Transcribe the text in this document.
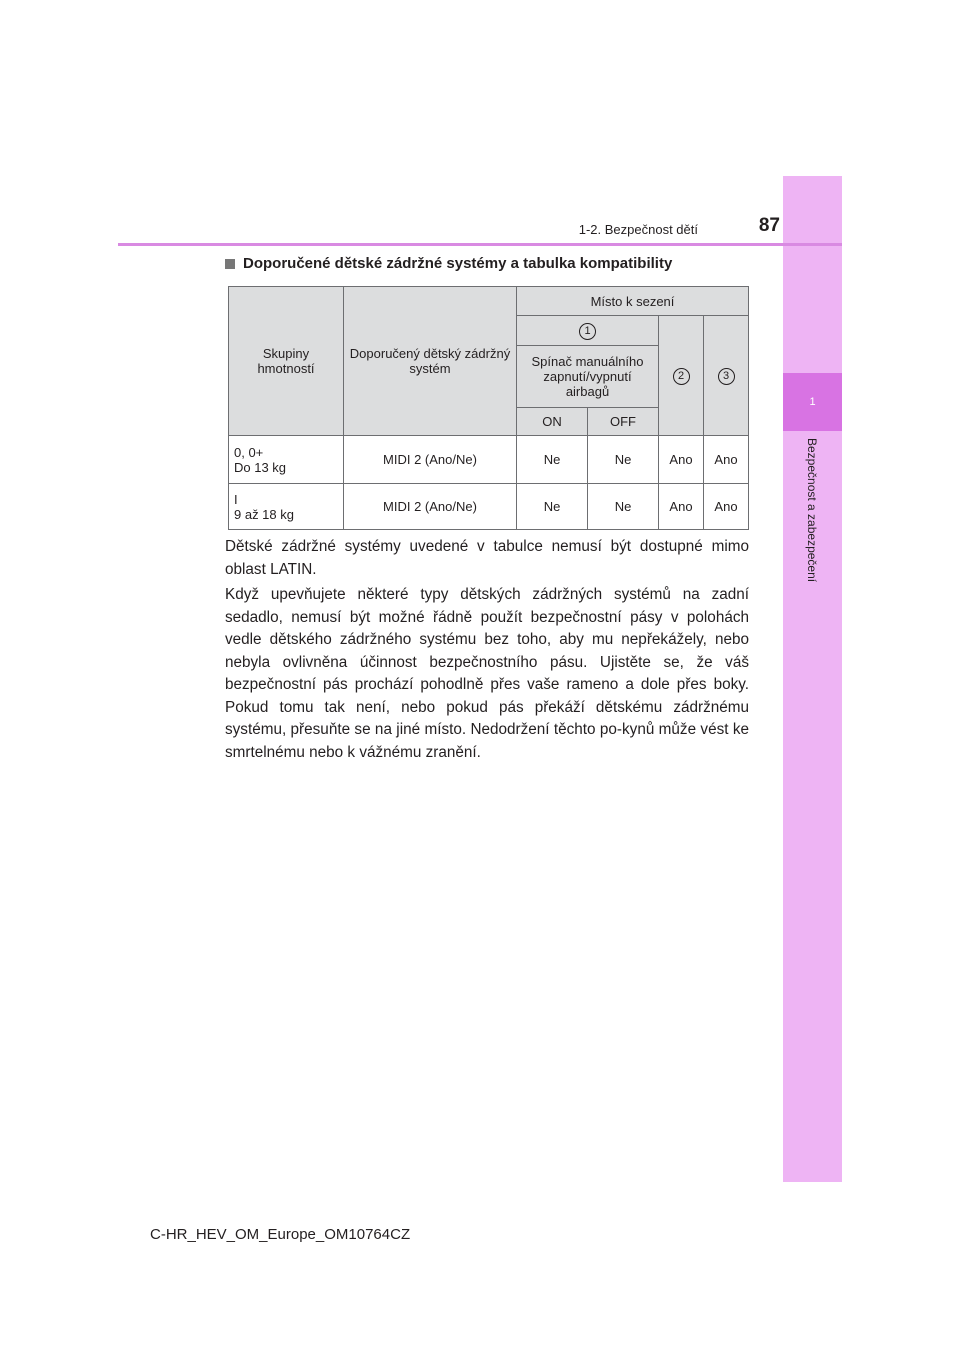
1
Bezpečnost a zabezpečení
1-2. Bezpečnost dětí	87
Doporučené dětské zádržné systémy a tabulka kompatibility
Skupiny hmotností	Doporučený dětský zádržný systém	Místo k sezení			
		1		2	3
		Spínač manuálního zapnutí/vypnutí airbagů			
		ON	OFF		
0, 0+
Do 13 kg	MIDI 2 (Ano/Ne)	Ne	Ne	Ano	Ano
I
9 až 18 kg	MIDI 2 (Ano/Ne)	Ne	Ne	Ano	Ano

Dětské zádržné systémy uvedené v tabulce nemusí být dostupné mimo oblast LATIN.

Když upevňujete některé typy dětských zádržných systémů na zadní sedadlo, nemusí být možné řádně použít bezpečnostní pásy v polohách vedle dětského zádržného systému bez toho, aby mu nepřekážely, nebo nebyla ovlivněna účinnost bezpečnostního pásu. Ujistěte se, že váš bezpečnostní pás prochází pohodlně přes vaše rameno a dole přes boky. Pokud tomu tak není, nebo pokud pás překáží dětskému zádržnému systému, přesuňte se na jiné místo. Nedodržení těchto po-kynů může vést ke smrtelnému nebo k vážnému zranění.

C-HR_HEV_OM_Europe_OM10764CZ
